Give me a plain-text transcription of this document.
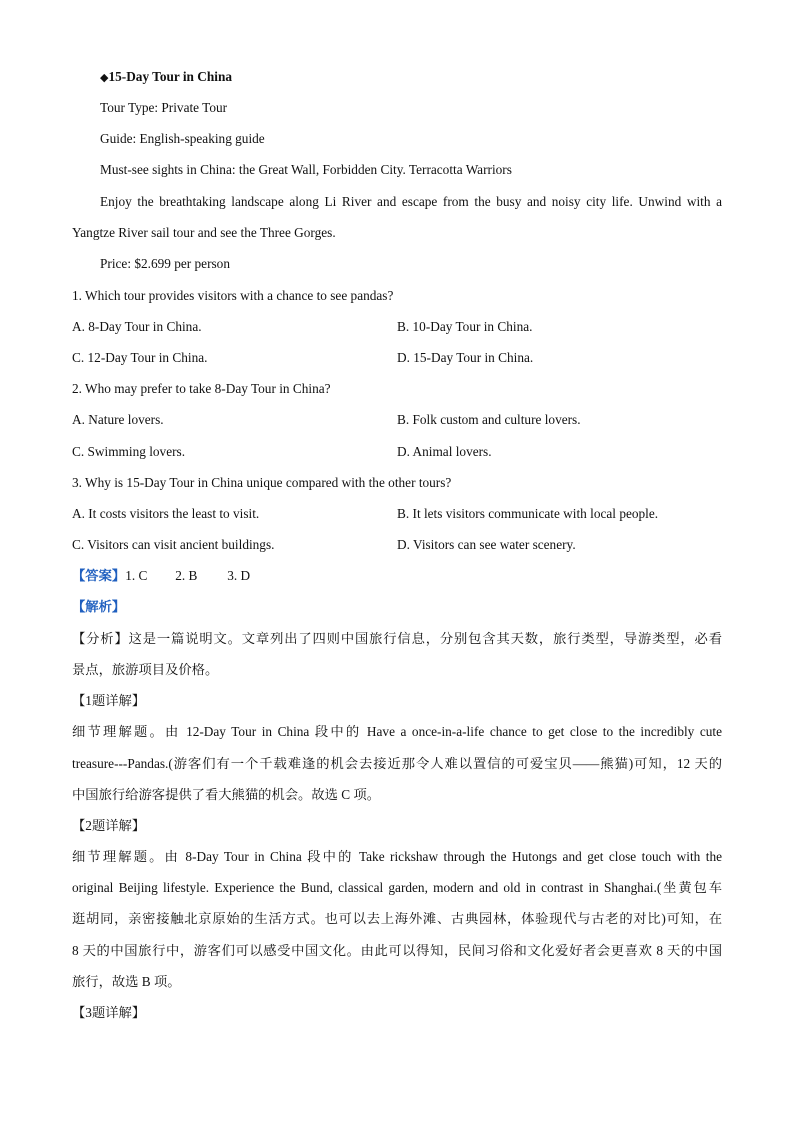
◆15-Day Tour in China
Tour Type: Private Tour
Guide: English-speaking guide
Must-see sights in China: the Great Wall, Forbidden City. Terracotta Warriors
Enjoy the breathtaking landscape along Li River and escape from the busy and noisy city life. Unwind with a
Yangtze River sail tour and see the Three Gorges.
Price: $2.699 per person
1. Which tour provides visitors with a chance to see pandas?
A. 8-Day Tour in China.	B. 10-Day Tour in China.
C. 12-Day Tour in China.	D. 15-Day Tour in China.
2. Who may prefer to take 8-Day Tour in China?
A. Nature lovers.	B. Folk custom and culture lovers.
C. Swimming lovers.	D. Animal lovers.
3. Why is 15-Day Tour in China unique compared with the other tours?
A. It costs visitors the least to visit.	B. It lets visitors communicate with local people.
C. Visitors can visit ancient buildings.	D. Visitors can see water scenery.
【答案】1. C 2. B 3. D
【解析】
【分析】这是一篇说明文。文章列出了四则中国旅行信息，分别包含其天数，旅行类型，导游类型，必看
景点，旅游项目及价格。
【1题详解】
细节理解题。由 12-Day Tour in China 段中的 Have a once-in-a-life chance to get close to the incredibly cute
treasure---Pandas.(游客们有一个千载难逢的机会去接近那令人难以置信的可爱宝贝——熊猫)可知，12 天的
中国旅行给游客提供了看大熊猫的机会。故选 C 项。
【2题详解】
细节理解题。由 8-Day Tour in China 段中的 Take rickshaw through the Hutongs and get close touch with the
original Beijing lifestyle. Experience the Bund, classical garden, modern and old in contrast in Shanghai.(坐黄包车
逛胡同，亲密接触北京原始的生活方式。也可以去上海外滩、古典园林，体验现代与古老的对比)可知，在
8 天的中国旅行中，游客们可以感受中国文化。由此可以得知，民间习俗和文化爱好者会更喜欢 8 天的中国
旅行，故选 B 项。
【3题详解】
